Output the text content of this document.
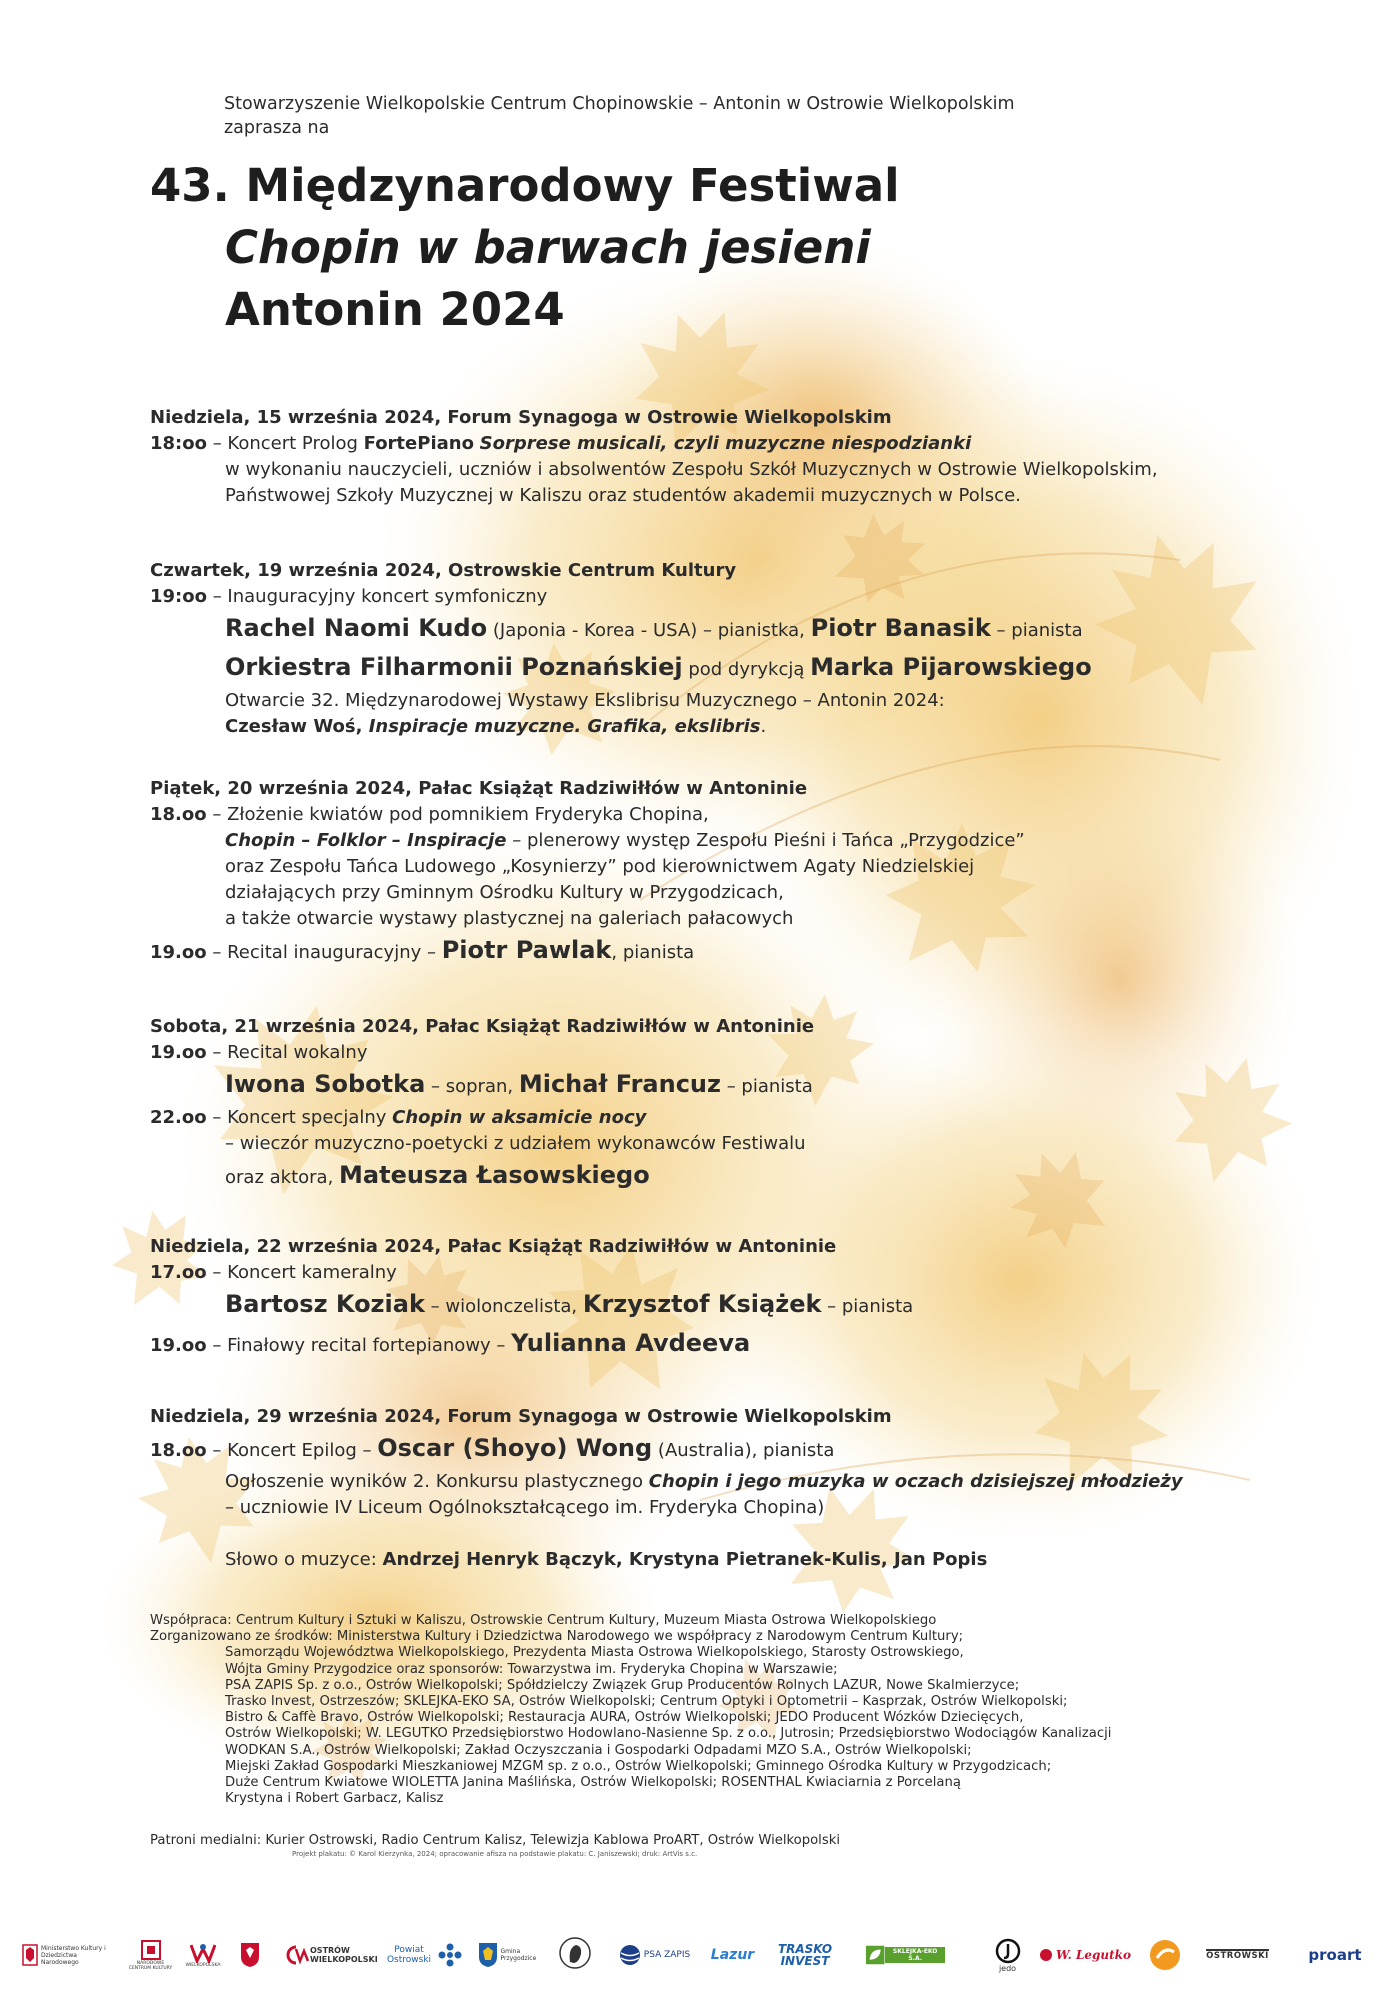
Stowarzyszenie Wielkopolskie Centrum Chopinowskie – Antonin w Ostrowie Wielkopolskim
zaprasza na
43. Międzynarodowy Festiwal
Chopin w barwach jesieni
Antonin 2024
Niedziela, 15 września 2024, Forum Synagoga w Ostrowie Wielkopolskim
18:oo – Koncert Prolog FortePiano Sorprese musicali, czyli muzyczne niespodzianki
w wykonaniu nauczycieli, uczniów i absolwentów Zespołu Szkół Muzycznych w Ostrowie Wielkopolskim,
Państwowej Szkoły Muzycznej w Kaliszu oraz studentów akademii muzycznych w Polsce.
Czwartek, 19 września 2024, Ostrowskie Centrum Kultury
19:oo – Inauguracyjny koncert symfoniczny
Rachel Naomi Kudo (Japonia - Korea - USA) – pianistka, Piotr Banasik – pianista
Orkiestra Filharmonii Poznańskiej pod dyrykcją Marka Pijarowskiego
Otwarcie 32. Międzynarodowej Wystawy Ekslibrisu Muzycznego – Antonin 2024:
Czesław Woś, Inspiracje muzyczne. Grafika, ekslibris.
Piątek, 20 września 2024, Pałac Książąt Radziwiłłów w Antoninie
18.oo – Złożenie kwiatów pod pomnikiem Fryderyka Chopina,
Chopin – Folklor – Inspiracje – plenerowy występ Zespołu Pieśni i Tańca „Przygodzice”
oraz Zespołu Tańca Ludowego „Kosynierzy” pod kierownictwem Agaty Niedzielskiej
działających przy Gminnym Ośrodku Kultury w Przygodzicach,
a także otwarcie wystawy plastycznej na galeriach pałacowych
19.oo – Recital inauguracyjny – Piotr Pawlak, pianista
Sobota, 21 września 2024, Pałac Książąt Radziwiłłów w Antoninie
19.oo – Recital wokalny
Iwona Sobotka – sopran, Michał Francuz – pianista
22.oo – Koncert specjalny Chopin w aksamicie nocy
– wieczór muzyczno-poetycki z udziałem wykonawców Festiwalu
oraz aktora, Mateusza Łasowskiego
Niedziela, 22 września 2024, Pałac Książąt Radziwiłłów w Antoninie
17.oo – Koncert kameralny
Bartosz Koziak – wiolonczelista, Krzysztof Książek – pianista
19.oo – Finałowy recital fortepianowy – Yulianna Avdeeva
Niedziela, 29 września 2024, Forum Synagoga w Ostrowie Wielkopolskim
18.oo – Koncert Epilog – Oscar (Shoyo) Wong (Australia), pianista
Ogłoszenie wyników 2. Konkursu plastycznego Chopin i jego muzyka w oczach dzisiejszej młodzieży
– uczniowie IV Liceum Ogólnokształcącego im. Fryderyka Chopina)
Słowo o muzyce: Andrzej Henryk Bączyk, Krystyna Pietranek-Kulis, Jan Popis
Współpraca: Centrum Kultury i Sztuki w Kaliszu, Ostrowskie Centrum Kultury, Muzeum Miasta Ostrowa Wielkopolskiego
Zorganizowano ze środków: Ministerstwa Kultury i Dziedzictwa Narodowego we współpracy z Narodowym Centrum Kultury;
Samorządu Województwa Wielkopolskiego, Prezydenta Miasta Ostrowa Wielkopolskiego, Starosty Ostrowskiego,
Wójta Gminy Przygodzice oraz sponsorów: Towarzystwa im. Fryderyka Chopina w Warszawie;
PSA ZAPIS Sp. z o.o., Ostrów Wielkopolski; Spółdzielczy Związek Grup Producentów Rolnych LAZUR, Nowe Skalmierzyce;
Trasko Invest, Ostrzeszów; SKLEJKA-EKO SA, Ostrów Wielkopolski; Centrum Optyki i Optometrii – Kasprzak, Ostrów Wielkopolski;
Bistro & Caffè Bravo, Ostrów Wielkopolski; Restauracja AURA, Ostrów Wielkopolski; JEDO Producent Wózków Dziecięcych,
Ostrów Wielkopolski; W. LEGUTKO Przedsiębiorstwo Hodowlano-Nasienne Sp. z o.o., Jutrosin; Przedsiębiorstwo Wodociągów Kanalizacji
WODKAN S.A., Ostrów Wielkopolski; Zakład Oczyszczania i Gospodarki Odpadami MZO S.A., Ostrów Wielkopolski;
Miejski Zakład Gospodarki Mieszkaniowej MZGM sp. z o.o., Ostrów Wielkopolski; Gminnego Ośrodka Kultury w Przygodzicach;
Duże Centrum Kwiatowe WIOLETTA Janina Maślińska, Ostrów Wielkopolski; ROSENTHAL Kwiaciarnia z Porcelaną
Krystyna i Robert Garbacz, Kalisz
Patroni medialni: Kurier Ostrowski, Radio Centrum Kalisz, Telewizja Kablowa ProART, Ostrów Wielkopolski
Projekt plakatu: © Karol Kierzynka, 2024; opracowanie afisza na podstawie plakatu: C. Janiszewski; druk: ArtVis s.c.
Ministerstwo Kultury i Dziedzictwa Narodowego	NARODOWE CENTRUM KULTURY
WIELKOPOLSKA
OSTRÓW WIELKOPOLSKI
Powiat Ostrowski
Gmina Przygodzice	PSA ZAPIS Lazur	TRASKO INVEST
SKLEJKA-EKO S.A.
jedo
W. Legutko	OSTROWSKI	proart
